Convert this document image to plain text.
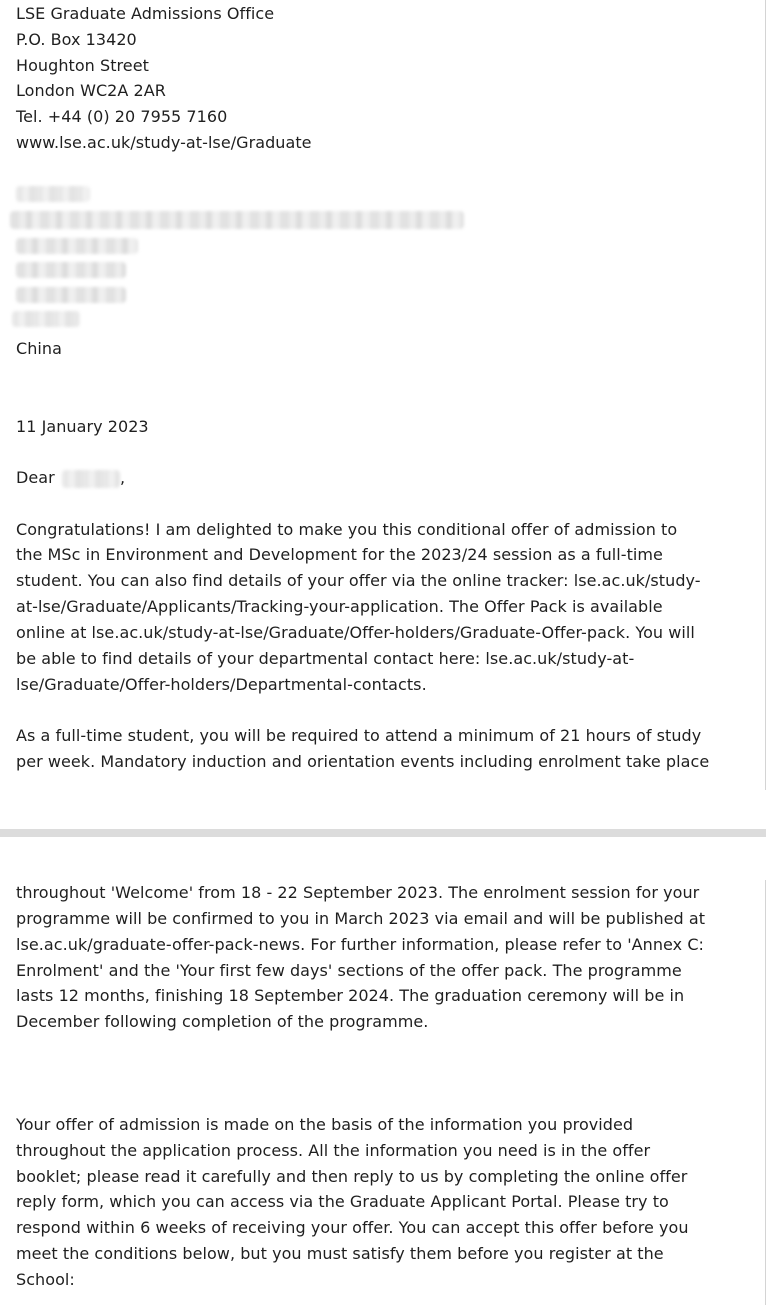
LSE Graduate Admissions Office
P.O. Box 13420
Houghton Street
London WC2A 2AR
Tel. +44 (0) 20 7955 7160
www.lse.ac.uk/study-at-lse/Graduate
China
11 January 2023
Dear	,
Congratulations! I am delighted to make you this conditional offer of admission to
the MSc in Environment and Development for the 2023/24 session as a full-time
student. You can also find details of your offer via the online tracker: lse.ac.uk/study-
at-lse/Graduate/Applicants/Tracking-your-application. The Offer Pack is available
online at lse.ac.uk/study-at-lse/Graduate/Offer-holders/Graduate-Offer-pack. You will
be able to find details of your departmental contact here: lse.ac.uk/study-at-
lse/Graduate/Offer-holders/Departmental-contacts.
As a full-time student, you will be required to attend a minimum of 21 hours of study
per week. Mandatory induction and orientation events including enrolment take place
throughout 'Welcome' from 18 - 22 September 2023. The enrolment session for your
programme will be confirmed to you in March 2023 via email and will be published at
lse.ac.uk/graduate-offer-pack-news. For further information, please refer to 'Annex C:
Enrolment' and the 'Your first few days' sections of the offer pack. The programme
lasts 12 months, finishing 18 September 2024. The graduation ceremony will be in
December following completion of the programme.
Your offer of admission is made on the basis of the information you provided
throughout the application process. All the information you need is in the offer
booklet; please read it carefully and then reply to us by completing the online offer
reply form, which you can access via the Graduate Applicant Portal. Please try to
respond within 6 weeks of receiving your offer. You can accept this offer before you
meet the conditions below, but you must satisfy them before you register at the
School:
